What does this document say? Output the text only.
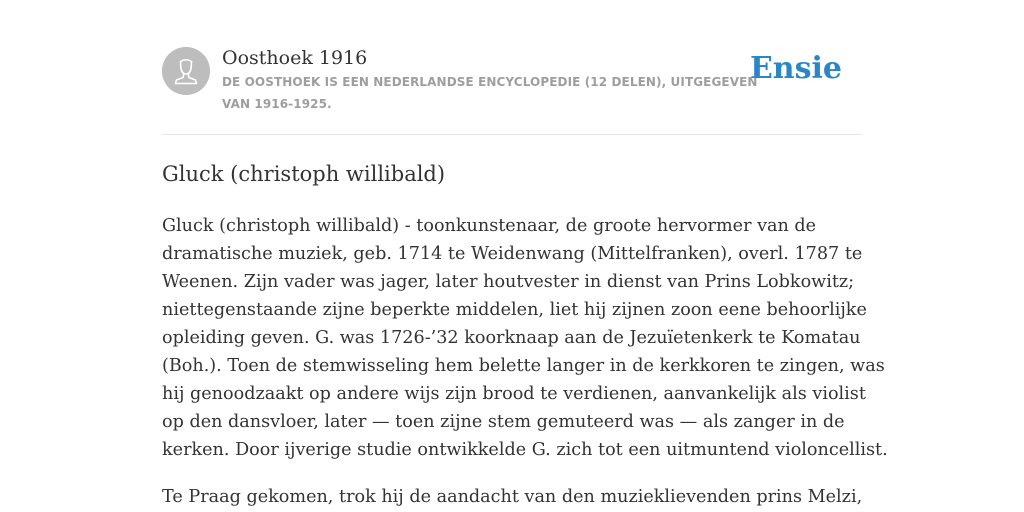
Oosthoek 1916
DE OOSTHOEK IS EEN NEDERLANDSE ENCYCLOPEDIE (12 DELEN), UITGEGEVEN
VAN 1916-1925.
Ensie
Gluck (christoph willibald)

Gluck (christoph willibald) - toonkunstenaar, de groote hervormer van de
dramatische muziek, geb. 1714 te Weidenwang (Mittelfranken), overl. 1787 te
Weenen. Zijn vader was jager, later houtvester in dienst van Prins Lobkowitz;
niettegenstaande zijne beperkte middelen, liet hij zijnen zoon eene behoorlijke
opleiding geven. G. was 1726-’32 koorknaap aan de Jezuïetenkerk te Komatau
(Boh.). Toen de stemwisseling hem belette langer in de kerkkoren te zingen, was
hij genoodzaakt op andere wijs zijn brood te verdienen, aanvankelijk als violist
op den dansvloer, later — toen zijne stem gemuteerd was — als zanger in de
kerken. Door ijverige studie ontwikkelde G. zich tot een uitmuntend violoncellist.

Te Praag gekomen, trok hij de aandacht van den muzieklievenden prins Melzi,
